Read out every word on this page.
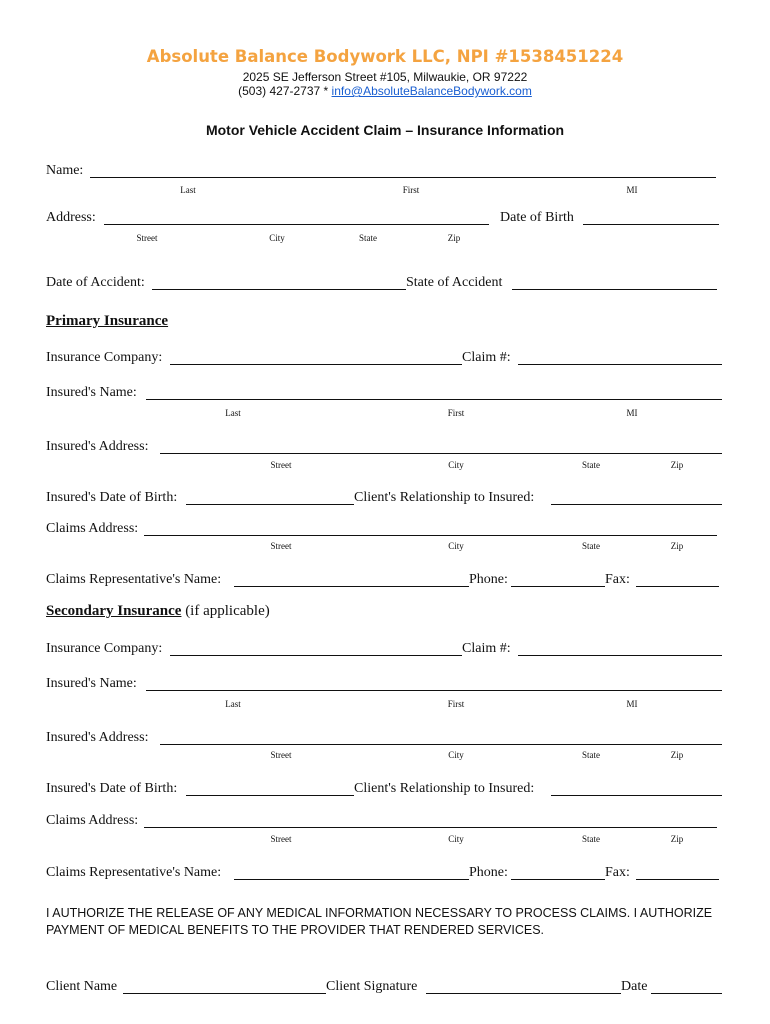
Absolute Balance Bodywork LLC, NPI #1538451224
2025 SE Jefferson Street #105, Milwaukie, OR 97222
(503) 427-2737 * info@AbsoluteBalanceBodywork.com
Motor Vehicle Accident Claim – Insurance Information
Name:
Last	First	MI
Address:
Street	City	State	Zip
Date of Birth
Date of Accident:	State of Accident
Primary Insurance
Insurance Company:	Claim #:
Insured's Name:
Last	First	MI
Insured's Address:
Street	City	State	Zip
Insured's Date of Birth:	Client's Relationship to Insured:
Claims Address:
Street	City	State	Zip
Claims Representative's Name:	Phone:	Fax:
Secondary Insurance (if applicable)
Insurance Company:	Claim #:
Insured's Name:
Last	First	MI
Insured's Address:
Street	City	State	Zip
Insured's Date of Birth:	Client's Relationship to Insured:
Claims Address:
Street	City	State	Zip
Claims Representative's Name:	Phone:	Fax:
I AUTHORIZE THE RELEASE OF ANY MEDICAL INFORMATION NECESSARY TO PROCESS CLAIMS. I AUTHORIZE PAYMENT OF MEDICAL BENEFITS TO THE PROVIDER THAT RENDERED SERVICES.
Client Name	Client Signature	Date
